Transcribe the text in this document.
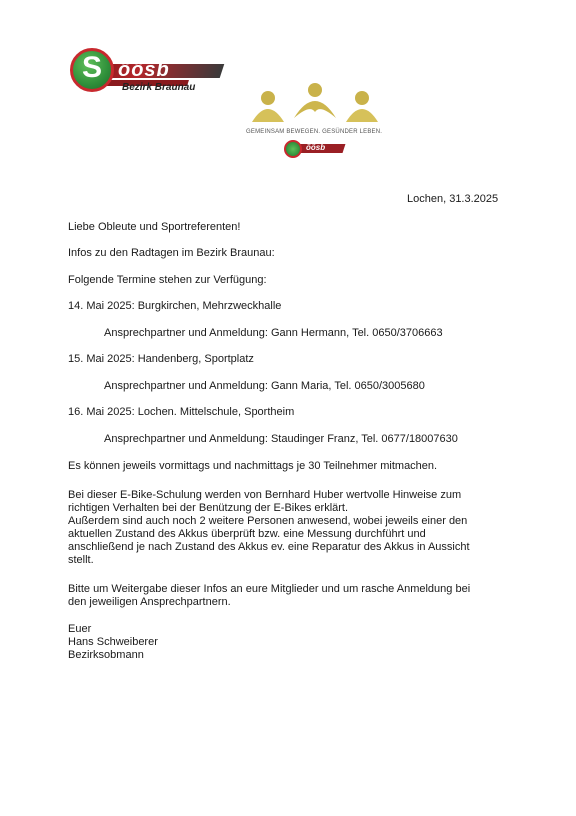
S öösb
Bezirk Braunau
GEMEINSAM BEWEGEN. GESÜNDER LEBEN.
öösb
Lochen, 31.3.2025
Liebe Obleute und Sportreferenten!
Infos zu den Radtagen im Bezirk Braunau:
Folgende Termine stehen zur Verfügung:
14. Mai 2025: Burgkirchen, Mehrzweckhalle
Ansprechpartner und Anmeldung: Gann Hermann, Tel. 0650/3706663
15. Mai 2025: Handenberg, Sportplatz
Ansprechpartner und Anmeldung: Gann Maria, Tel. 0650/3005680
16. Mai 2025: Lochen. Mittelschule, Sportheim
Ansprechpartner und Anmeldung: Staudinger Franz, Tel. 0677/18007630
Es können jeweils vormittags und nachmittags je 30 Teilnehmer mitmachen.
Bei dieser E-Bike-Schulung werden von Bernhard Huber wertvolle Hinweise zum
richtigen Verhalten bei der Benützung der E-Bikes erklärt.
Außerdem sind auch noch 2 weitere Personen anwesend, wobei jeweils einer den
aktuellen Zustand des Akkus überprüft bzw. eine Messung durchführt und
anschließend je nach Zustand des Akkus ev. eine Reparatur des Akkus in Aussicht
stellt.
Bitte um Weitergabe dieser Infos an eure Mitglieder und um rasche Anmeldung bei
den jeweiligen Ansprechpartnern.
Euer
Hans Schweiberer
Bezirksobmann
